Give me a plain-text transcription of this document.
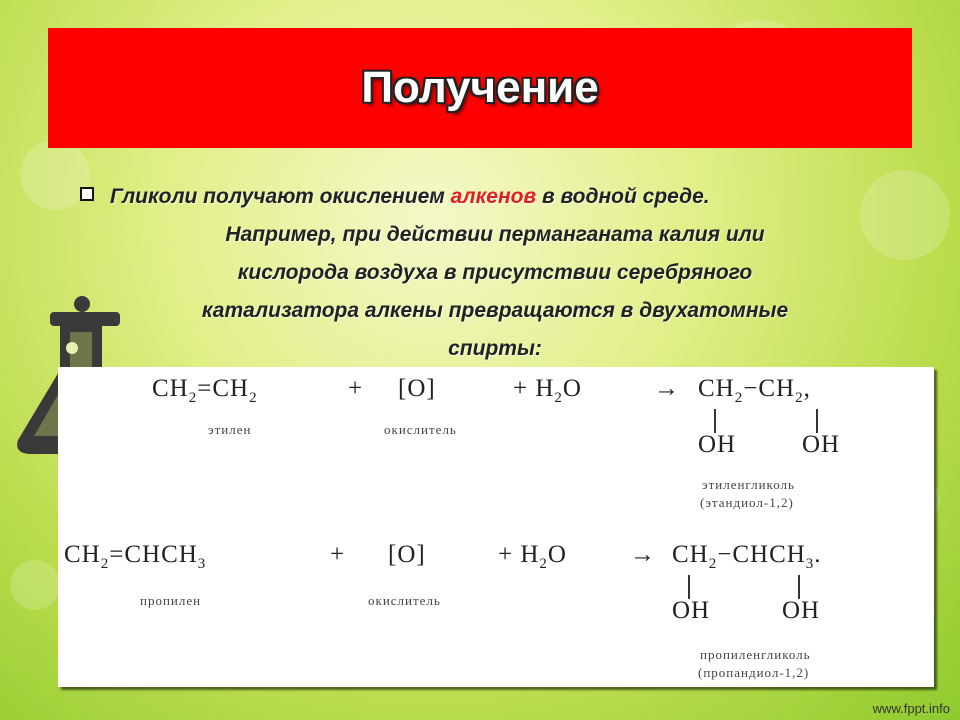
Получение
Гликоли получают окислением алкенов в водной среде.
Например, при действии перманганата калия или
кислорода воздуха в присутствии серебряного
катализатора алкены превращаются в двухатомные
спирты:
$CH_2=CH_2$	+ [O]	+ $H_2O$	→ $CH_2-CH_2$,
OH	OH
этилен	окислитель
этиленгликоль
(этандиол-1,2)
$CH_2=CHCH_3$	+ [O]	+ $H_2O$	→ $CH_2-CHCH_3$.
OH	OH
пропилен	окислитель
пропиленгликоль
(пропандиол-1,2)
www.fppt.info
